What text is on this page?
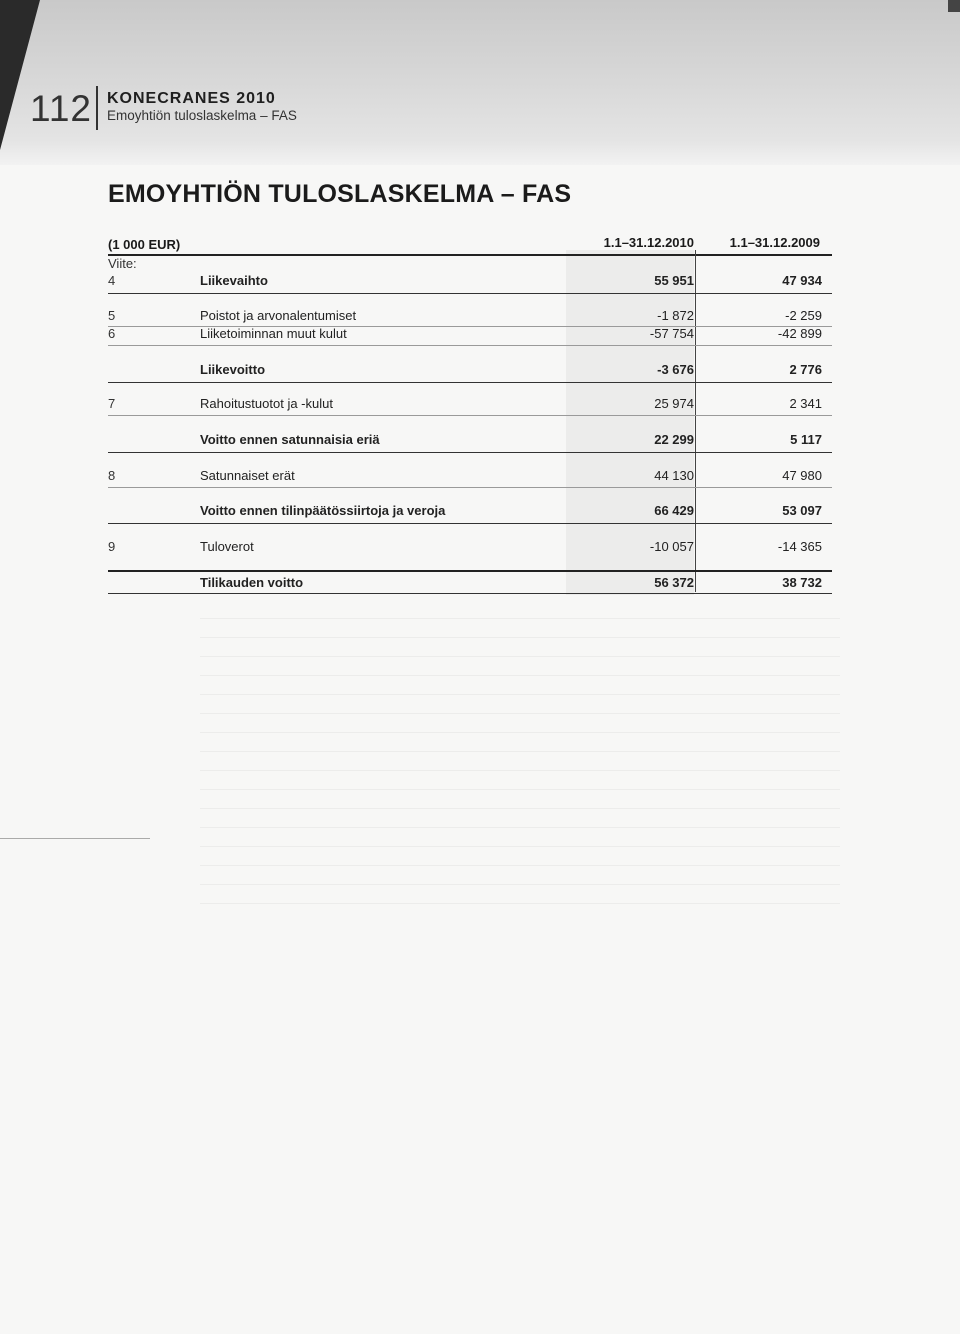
112 KONECRANES 2010
Emoyhtiön tuloslaskelma – FAS
EMOYHTIÖN TULOSLASKELMA – FAS
(1 000 EUR)	1.1–31.12.2010	1.1–31.12.2009
Viite:
4	Liikevaihto	55 951	47 934
5	Poistot ja arvonalentumiset	-1 872	-2 259
6	Liiketoiminnan muut kulut	-57 754	-42 899
Liikevoitto	-3 676	2 776
7	Rahoitustuotot ja -kulut	25 974	2 341
Voitto ennen satunnaisia eriä	22 299	5 117
8	Satunnaiset erät	44 130	47 980
Voitto ennen tilinpäätössiirtoja ja veroja	66 429	53 097
9	Tuloverot	-10 057	-14 365
Tilikauden voitto	56 372	38 732
